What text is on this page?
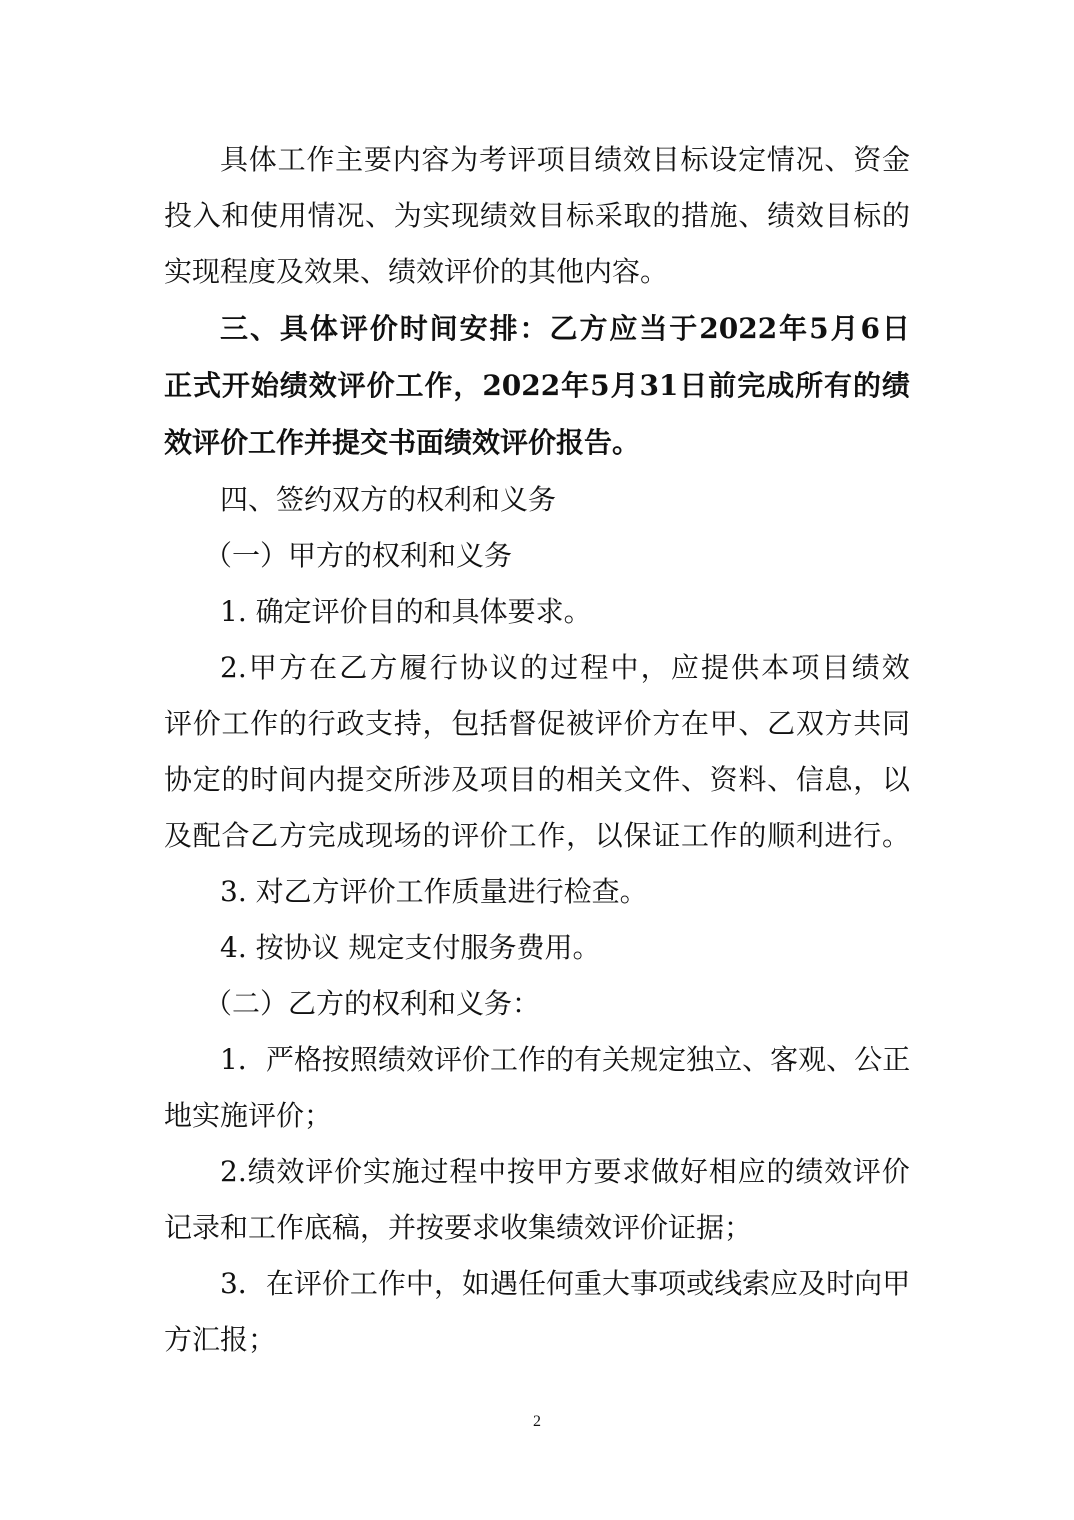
具 体 工 作 主 要 内 容 为 考 评 项 目 绩 效 目 标 设 定 情 况 、 资 金
投 入 和 使 用 情 况 、 为 实 现 绩 效 目 标 采 取 的 措 施 、 绩 效 目 标 的
实现程度及效果、绩效评价的其他内容。
三 、 具 体 评 价 时 间 安 排 ： 乙 方 应 当 于 2022 年 5 月 6 日
正 式 开 始 绩 效 评 价 工 作 ， 2022 年 5 月 31 日 前 完 成 所 有 的 绩
效评价工作并提交书面绩效评价报告。
四、签约双方的权利和义务
（一）甲方的权利和义务
1. 确定评价目的和具体要求。
2. 甲 方 在 乙 方 履 行 协 议 的 过 程 中 ， 应 提 供 本 项 目 绩 效
评 价 工 作 的 行 政 支 持 ， 包 括 督 促 被 评 价 方 在 甲 、 乙 双 方 共 同
协 定 的 时 间 内 提 交 所 涉 及 项 目 的 相 关 文 件 、 资 料 、 信 息 ， 以
及 配 合 乙 方 完 成 现 场 的 评 价 工 作 ， 以 保 证 工 作 的 顺 利 进 行 。
3. 对乙方评价工作质量进行检查。
4. 按协议 规定支付服务费用。
（二）乙方的权利和义务：
1 ． 严 格 按 照 绩 效 评 价 工 作 的 有 关 规 定 独 立 、 客 观 、 公 正
地实施评价；
2. 绩 效 评 价 实 施 过 程 中 按 甲 方 要 求 做 好 相 应 的 绩 效 评 价
记录和工作底稿，并按要求收集绩效评价证据；
3 ． 在 评 价 工 作 中 ， 如 遇 任 何 重 大 事 项 或 线 索 应 及 时 向 甲
方汇报；
2
